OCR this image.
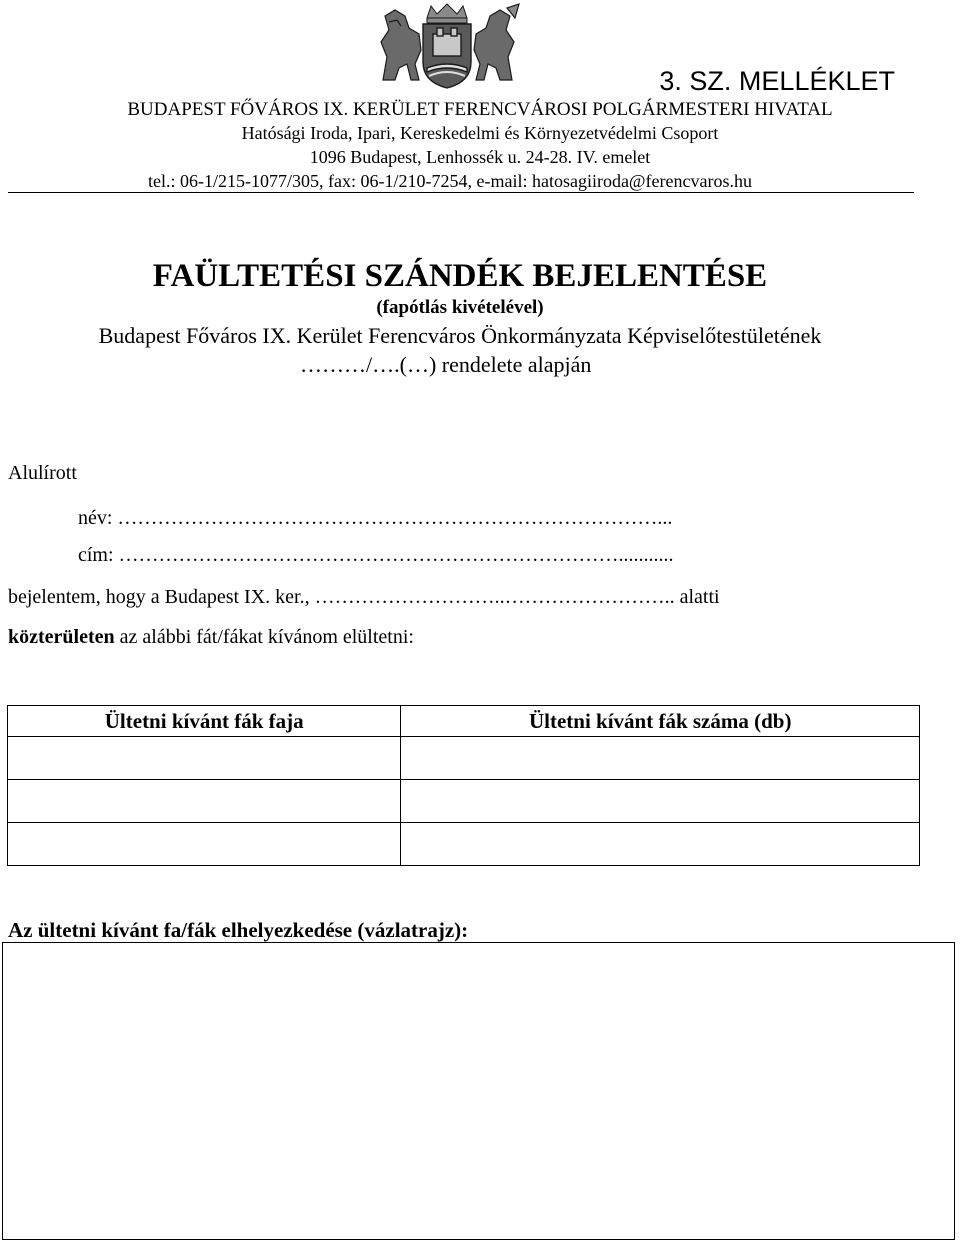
3. SZ. MELLÉKLET
BUDAPEST FŐVÁROS IX. KERÜLET FERENCVÁROSI POLGÁRMESTERI HIVATAL
Hatósági Iroda, Ipari, Kereskedelmi és Környezetvédelmi Csoport
1096 Budapest, Lenhossék u. 24-28. IV. emelet
tel.: 06-1/215-1077/305, fax: 06-1/210-7254, e-mail: hatosagiiroda@ferencvaros.hu
FAÜLTETÉSI SZÁNDÉK BEJELENTÉSE
(fapótlás kivételével)
Budapest Főváros IX. Kerület Ferencváros Önkormányzata Képviselőtestületének
………/….(…) rendelete alapján
Alulírott
név: ………………………………………………………………………...
cím: …………………………………………………………………...........
bejelentem, hogy a Budapest IX. ker., ………………………..…………………….. alatti
közterületen az alábbi fát/fákat kívánom elültetni:
Ültetni kívánt fák faja	Ültetni kívánt fák száma (db)

Az ültetni kívánt fa/fák elhelyezkedése (vázlatrajz):
